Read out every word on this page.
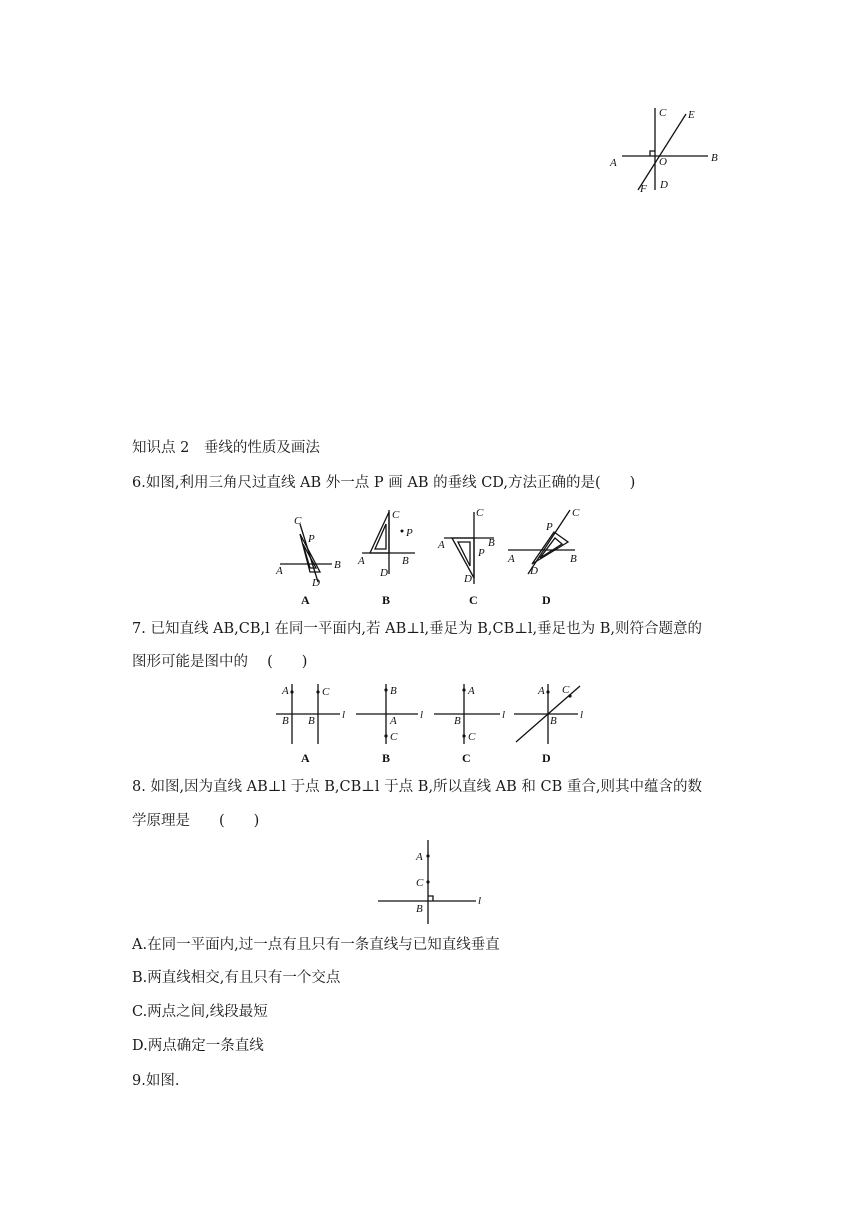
A	B
C
D
E
F
O
知识点 2　垂线的性质及画法
6.如图,利用三角尺过直线 AB 外一点 P 画 AB 的垂线 CD,方法正确的是(　　)
C
P
A	B
D
A
C
P
A	B
D
B
C
A	B
P
D
C
C
P
A	B
D
D
7. 已知直线 AB,CB,l 在同一平面内,若 AB⊥l,垂足为 B,CB⊥l,垂足也为 B,则符合题意的
图形可能是图中的　 (　　)
A	C
B B l
A
B
A
C
l
B
A
B
C
l
C
A C
B l
D
8. 如图,因为直线 AB⊥l 于点 B,CB⊥l 于点 B,所以直线 AB 和 CB 重合,则其中蕴含的数
学原理是　　(　　)
A
C
B
l
A.在同一平面内,过一点有且只有一条直线与已知直线垂直
B.两直线相交,有且只有一个交点
C.两点之间,线段最短
D.两点确定一条直线
9.如图.
